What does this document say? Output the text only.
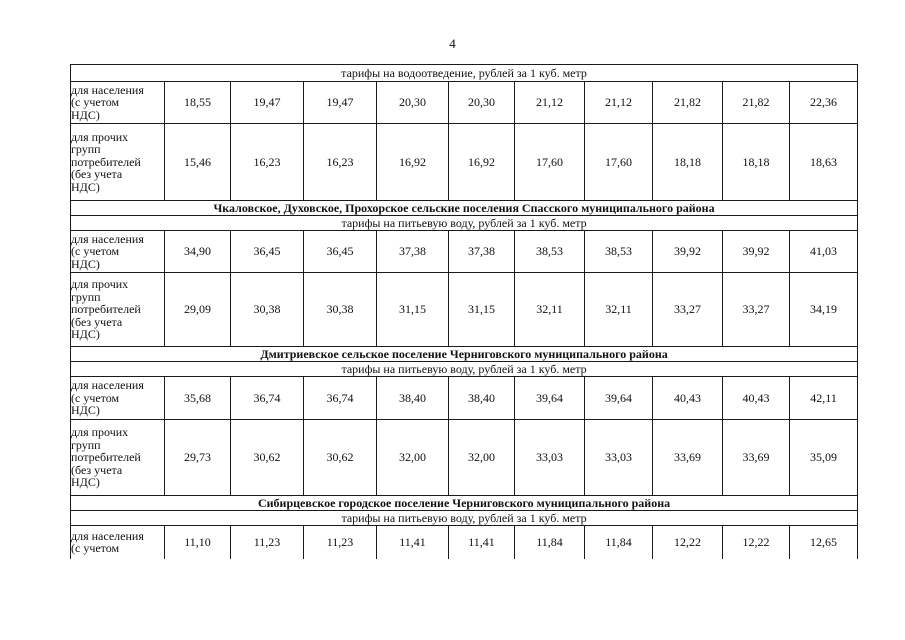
4
тарифы на водоотведение, рублей за 1 куб. метр										

для населения
(с учетом
НДС)	18,55	19,47	19,47	20,30	20,30	21,12	21,12	21,82	21,82	22,36

для прочих
групп
потребителей
(без учета
НДС)	15,46	16,23	16,23	16,92	16,92	17,60	17,60	18,18	18,18	18,63
Чкаловское, Духовское, Прохорское сельские поселения Спасского муниципального района										
тарифы на питьевую воду, рублей за 1 куб. метр										

для населения
(с учетом
НДС)	34,90	36,45	36,45	37,38	37,38	38,53	38,53	39,92	39,92	41,03

для прочих
групп
потребителей
(без учета
НДС)	29,09	30,38	30,38	31,15	31,15	32,11	32,11	33,27	33,27	34,19
Дмитриевское сельское поселение Черниговского муниципального района										
тарифы на питьевую воду, рублей за 1 куб. метр										

для населения
(с учетом
НДС)	35,68	36,74	36,74	38,40	38,40	39,64	39,64	40,43	40,43	42,11

для прочих
групп
потребителей
(без учета
НДС)	29,73	30,62	30,62	32,00	32,00	33,03	33,03	33,69	33,69	35,09
Сибирцевское городское поселение Черниговского муниципального района										
тарифы на питьевую воду, рублей за 1 куб. метр										

для населения
(с учетом	11,10	11,23	11,23	11,41	11,41	11,84	11,84	12,22	12,22	12,65
